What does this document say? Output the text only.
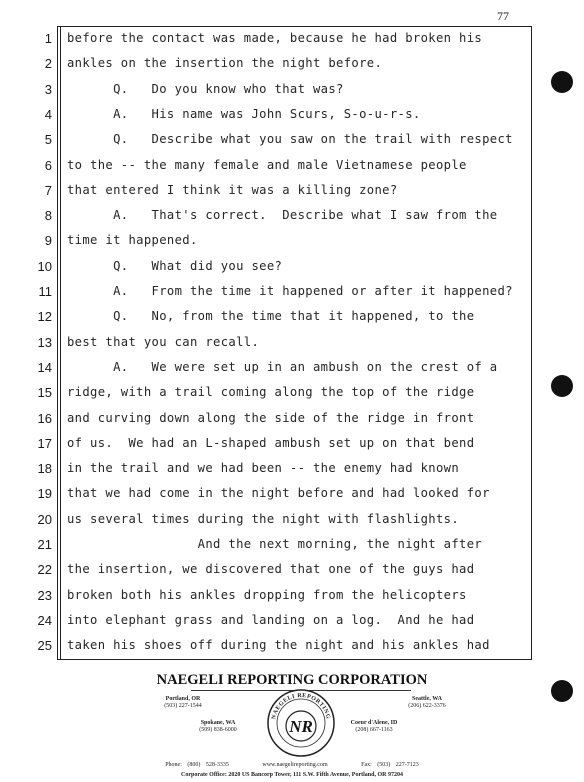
77
1 before the contact was made, because he had broken his
2 ankles on the insertion the night before.
3 Q.   Do you know who that was?
4 A.   His name was John Scurs, S-o-u-r-s.
5 Q.   Describe what you saw on the trail with respect
6 to the -- the many female and male Vietnamese people
7 that entered I think it was a killing zone?
8 A.   That's correct.  Describe what I saw from the
9 time it happened.
10 Q.   What did you see?
11 A.   From the time it happened or after it happened?
12 Q.   No, from the time that it happened, to the
13 best that you can recall.
14 A.   We were set up in an ambush on the crest of a
15 ridge, with a trail coming along the top of the ridge
16 and curving down along the side of the ridge in front
17 of us.  We had an L-shaped ambush set up on that bend
18 in the trail and we had been -- the enemy had known
19 that we had come in the night before and had looked for
20 us several times during the night with flashlights.
21 And the next morning, the night after
22 the insertion, we discovered that one of the guys had
23 broken both his ankles dropping from the helicopters
24 into elephant grass and landing on a log.  And he had
25 taken his shoes off during the night and his ankles had
NAEGELI REPORTING CORPORATION
Portland, OR
(503) 227-1544
Seattle, WA
(206) 622-3376
Spokane, WA
(509) 838-6000
Coeur d'Alene, ID
(208) 667-1163
NAEGELI REPORTING
NR
Phone: (800) 528-3335	www.naegelireporting.com	Fax: (503) 227-7123
Corporate Office: 2020 US Bancorp Tower, 111 S.W. Fifth Avenue, Portland, OR 97204
